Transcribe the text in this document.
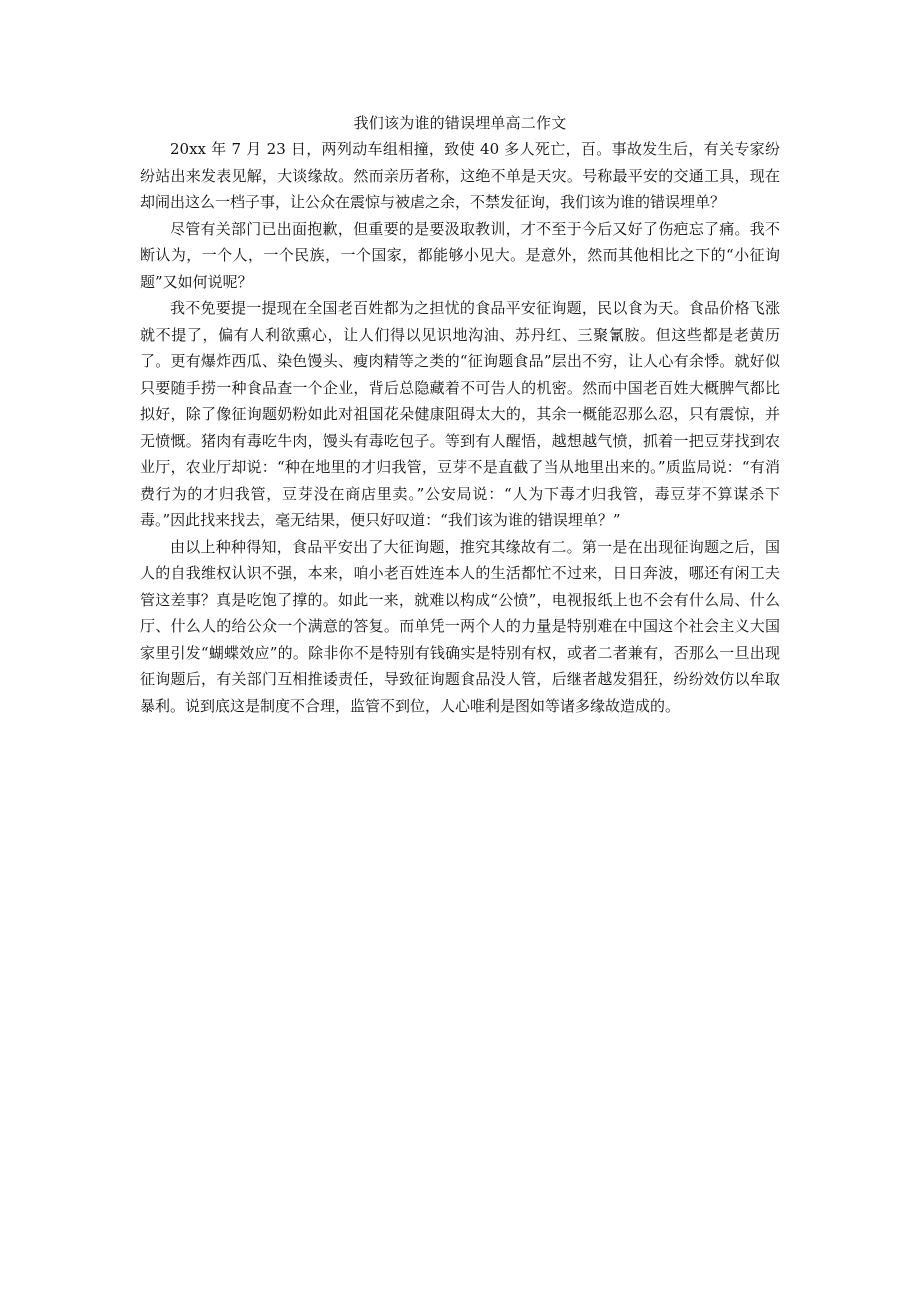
我们该为谁的错误埋单高二作文

20xx 年 7 月 23 日，两列动车组相撞，致使 40 多人死亡，百。事故发生后，有关专家纷纷站出来发表见解，大谈缘故。然而亲历者称，这绝不单是天灾。号称最平安的交通工具，现在却闹出这么一档子事，让公众在震惊与被虐之余，不禁发征询，我们该为谁的错误埋单？

尽管有关部门已出面抱歉，但重要的是要汲取教训，才不至于今后又好了伤疤忘了痛。我不断认为，一个人，一个民族，一个国家，都能够小见大。是意外，然而其他相比之下的“小征询题”又如何说呢？

我不免要提一提现在全国老百姓都为之担忧的食品平安征询题，民以食为天。食品价格飞涨就不提了，偏有人利欲熏心，让人们得以见识地沟油、苏丹红、三聚氰胺。但这些都是老黄历了。更有爆炸西瓜、染色馒头、瘦肉精等之类的“征询题食品”层出不穷，让人心有余悸。就好似只要随手捞一种食品查一个企业，背后总隐藏着不可告人的机密。然而中国老百姓大概脾气都比拟好，除了像征询题奶粉如此对祖国花朵健康阻碍太大的，其余一概能忍那么忍，只有震惊，并无愤慨。猪肉有毒吃牛肉，馒头有毒吃包子。等到有人醒悟，越想越气愤，抓着一把豆芽找到农业厅，农业厅却说：“种在地里的才归我管，豆芽不是直截了当从地里出来的。”质监局说：“有消费行为的才归我管，豆芽没在商店里卖。”公安局说：“人为下毒才归我管，毒豆芽不算谋杀下毒。”因此找来找去，毫无结果，便只好叹道：“我们该为谁的错误埋单？”

由以上种种得知，食品平安出了大征询题，推究其缘故有二。第一是在出现征询题之后，国人的自我维权认识不强，本来，咱小老百姓连本人的生活都忙不过来，日日奔波，哪还有闲工夫管这差事？真是吃饱了撑的。如此一来，就难以构成“公愤”，电视报纸上也不会有什么局、什么厅、什么人的给公众一个满意的答复。而单凭一两个人的力量是特别难在中国这个社会主义大国家里引发“蝴蝶效应”的。除非你不是特别有钱确实是特别有权，或者二者兼有，否那么一旦出现征询题后，有关部门互相推诿责任，导致征询题食品没人管，后继者越发猖狂，纷纷效仿以牟取暴利。说到底这是制度不合理，监管不到位，人心唯利是图如等诸多缘故造成的。
